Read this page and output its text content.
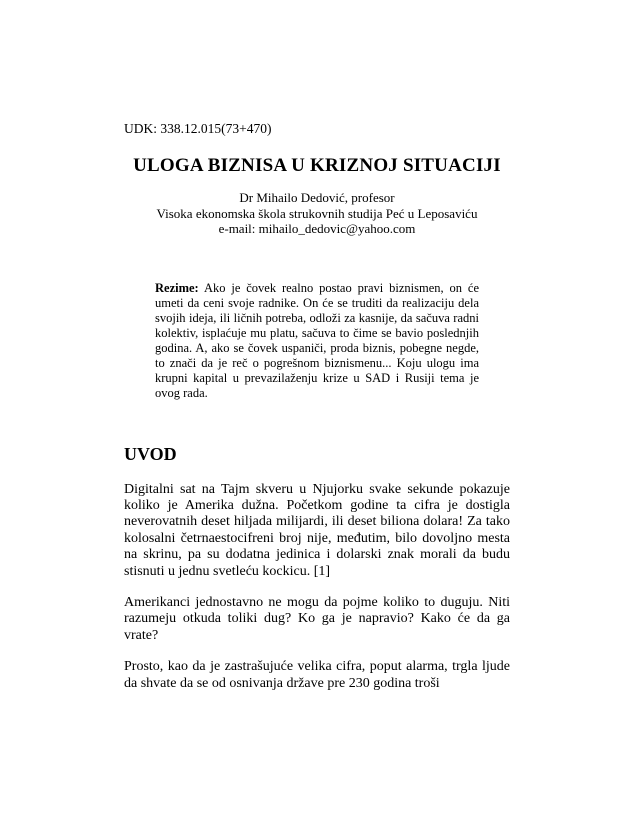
UDK: 338.12.015(73+470)
ULOGA BIZNISA U KRIZNOJ SITUACIJI
Dr Mihailo Dedović, profesor
Visoka ekonomska škola strukovnih studija Peć u Leposaviću
e-mail: mihailo_dedovic@yahoo.com

Rezime: Ako je čovek realno postao pravi biznismen, on će umeti da ceni svoje radnike. On će se truditi da realizaciju dela svojih ideja, ili ličnih potreba, odloži za kasnije, da sačuva radni kolektiv, isplaćuje mu platu, sačuva to čime se bavio poslednjih godina. A, ako se čovek uspaniči, proda biznis, pobegne negde, to znači da je reč o pogrešnom biznismenu... Koju ulogu ima krupni kapital u prevazilaženju krize u SAD i Rusiji tema je ovog rada.

UVOD

Digitalni sat na Tajm skveru u Njujorku svake sekunde pokazuje koliko je Amerika dužna. Početkom godine ta cifra je dostigla neverovatnih deset hiljada milijardi, ili deset biliona dolara! Za tako kolosalni četrnaestocifreni broj nije, međutim, bilo dovoljno mesta na skrinu, pa su dodatna jedinica i dolarski znak morali da budu stisnuti u jednu svetleću kockicu. [1]

Amerikanci jednostavno ne mogu da pojme koliko to duguju. Niti razumeju otkuda toliki dug? Ko ga je napravio? Kako će da ga vrate?

Prosto, kao da je zastrašujuće velika cifra, poput alarma, trgla ljude da shvate da se od osnivanja države pre 230 godina troši
